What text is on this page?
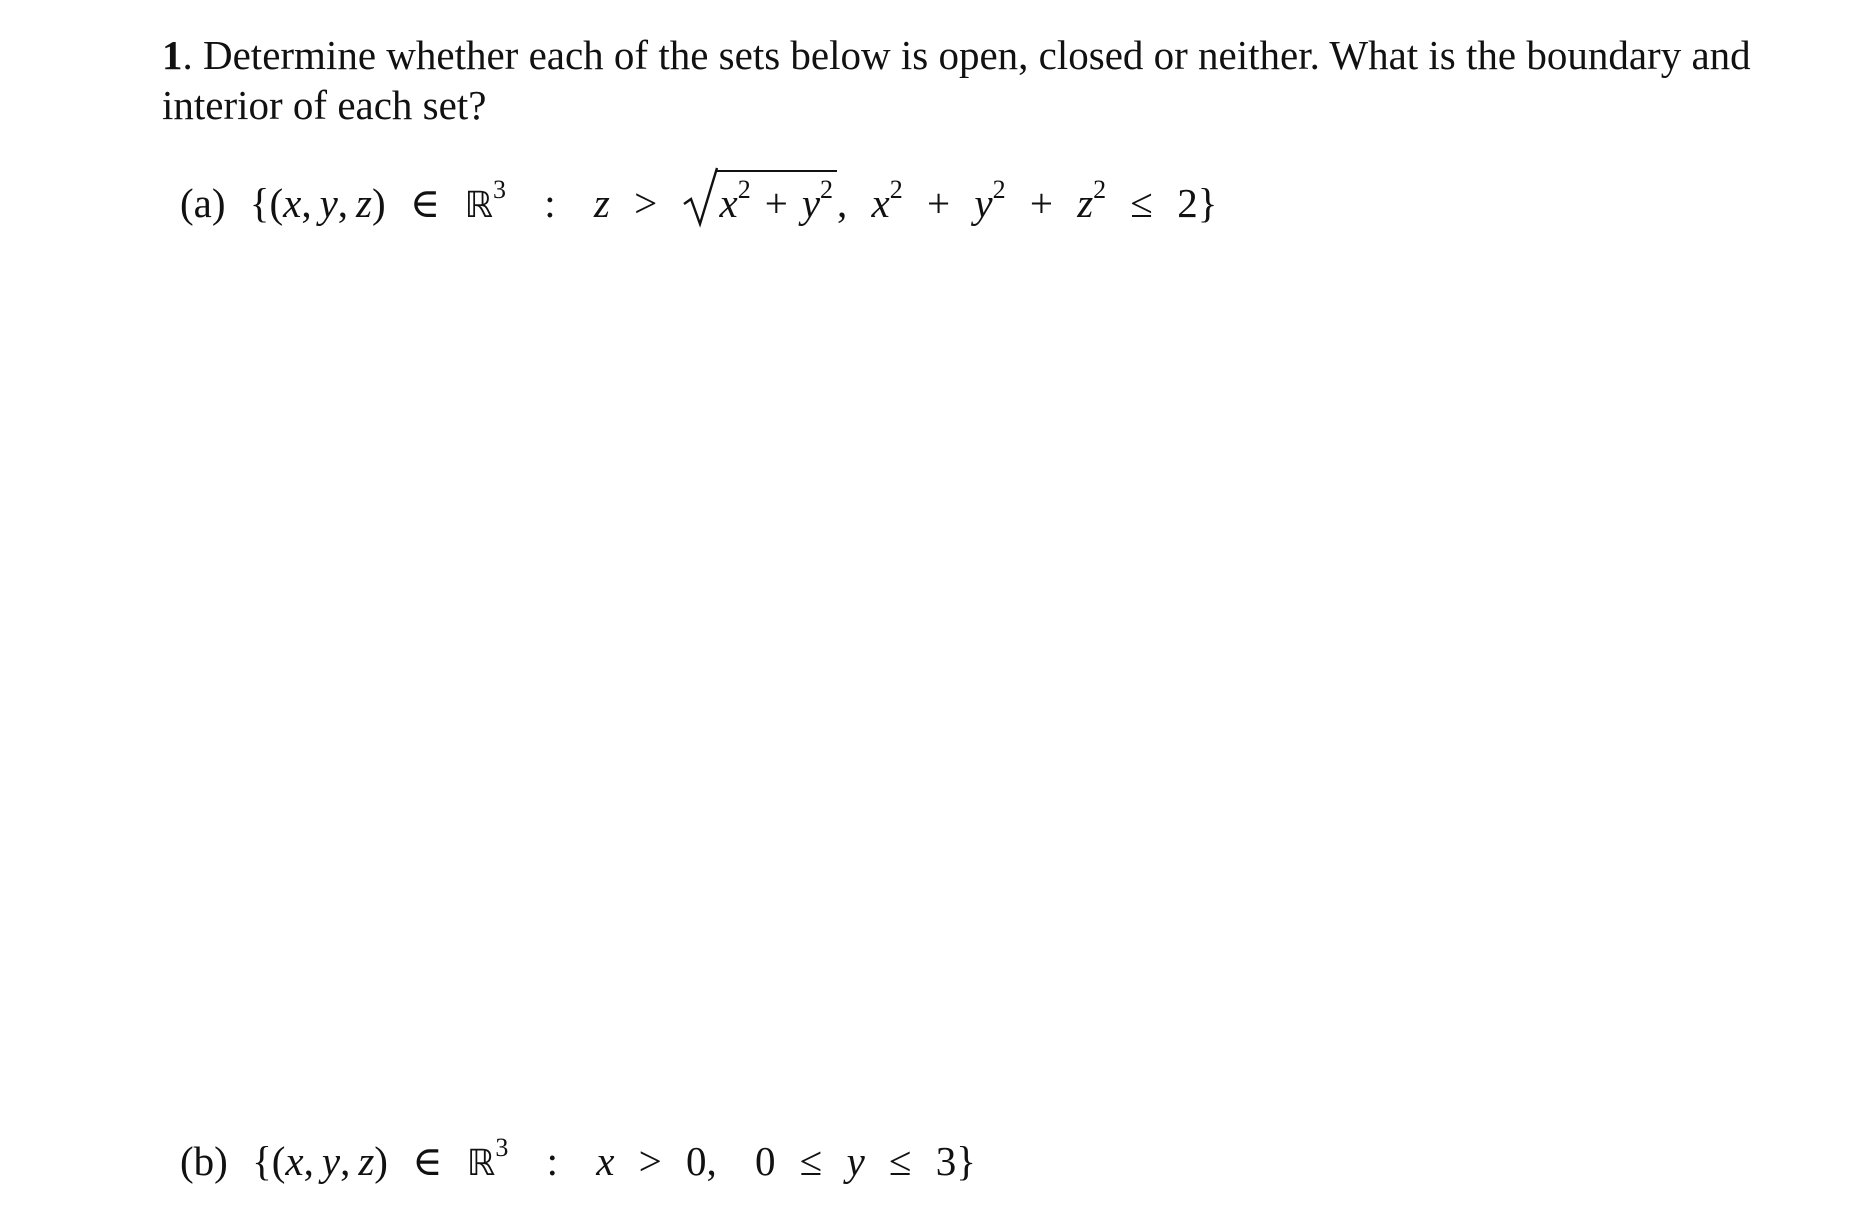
1. Determine whether each of the sets below is open, closed or neither. What is the boundary and interior of each set?
(a) {(x, y, z) ∈ ℝ$^3$ : $z > x^2 + y^2$, $x^2 + y^2 + z^2 \le 2$}
(b) {(x, y, z) ∈ ℝ$^3$ : x > 0, 0 ≤ y ≤ 3}
